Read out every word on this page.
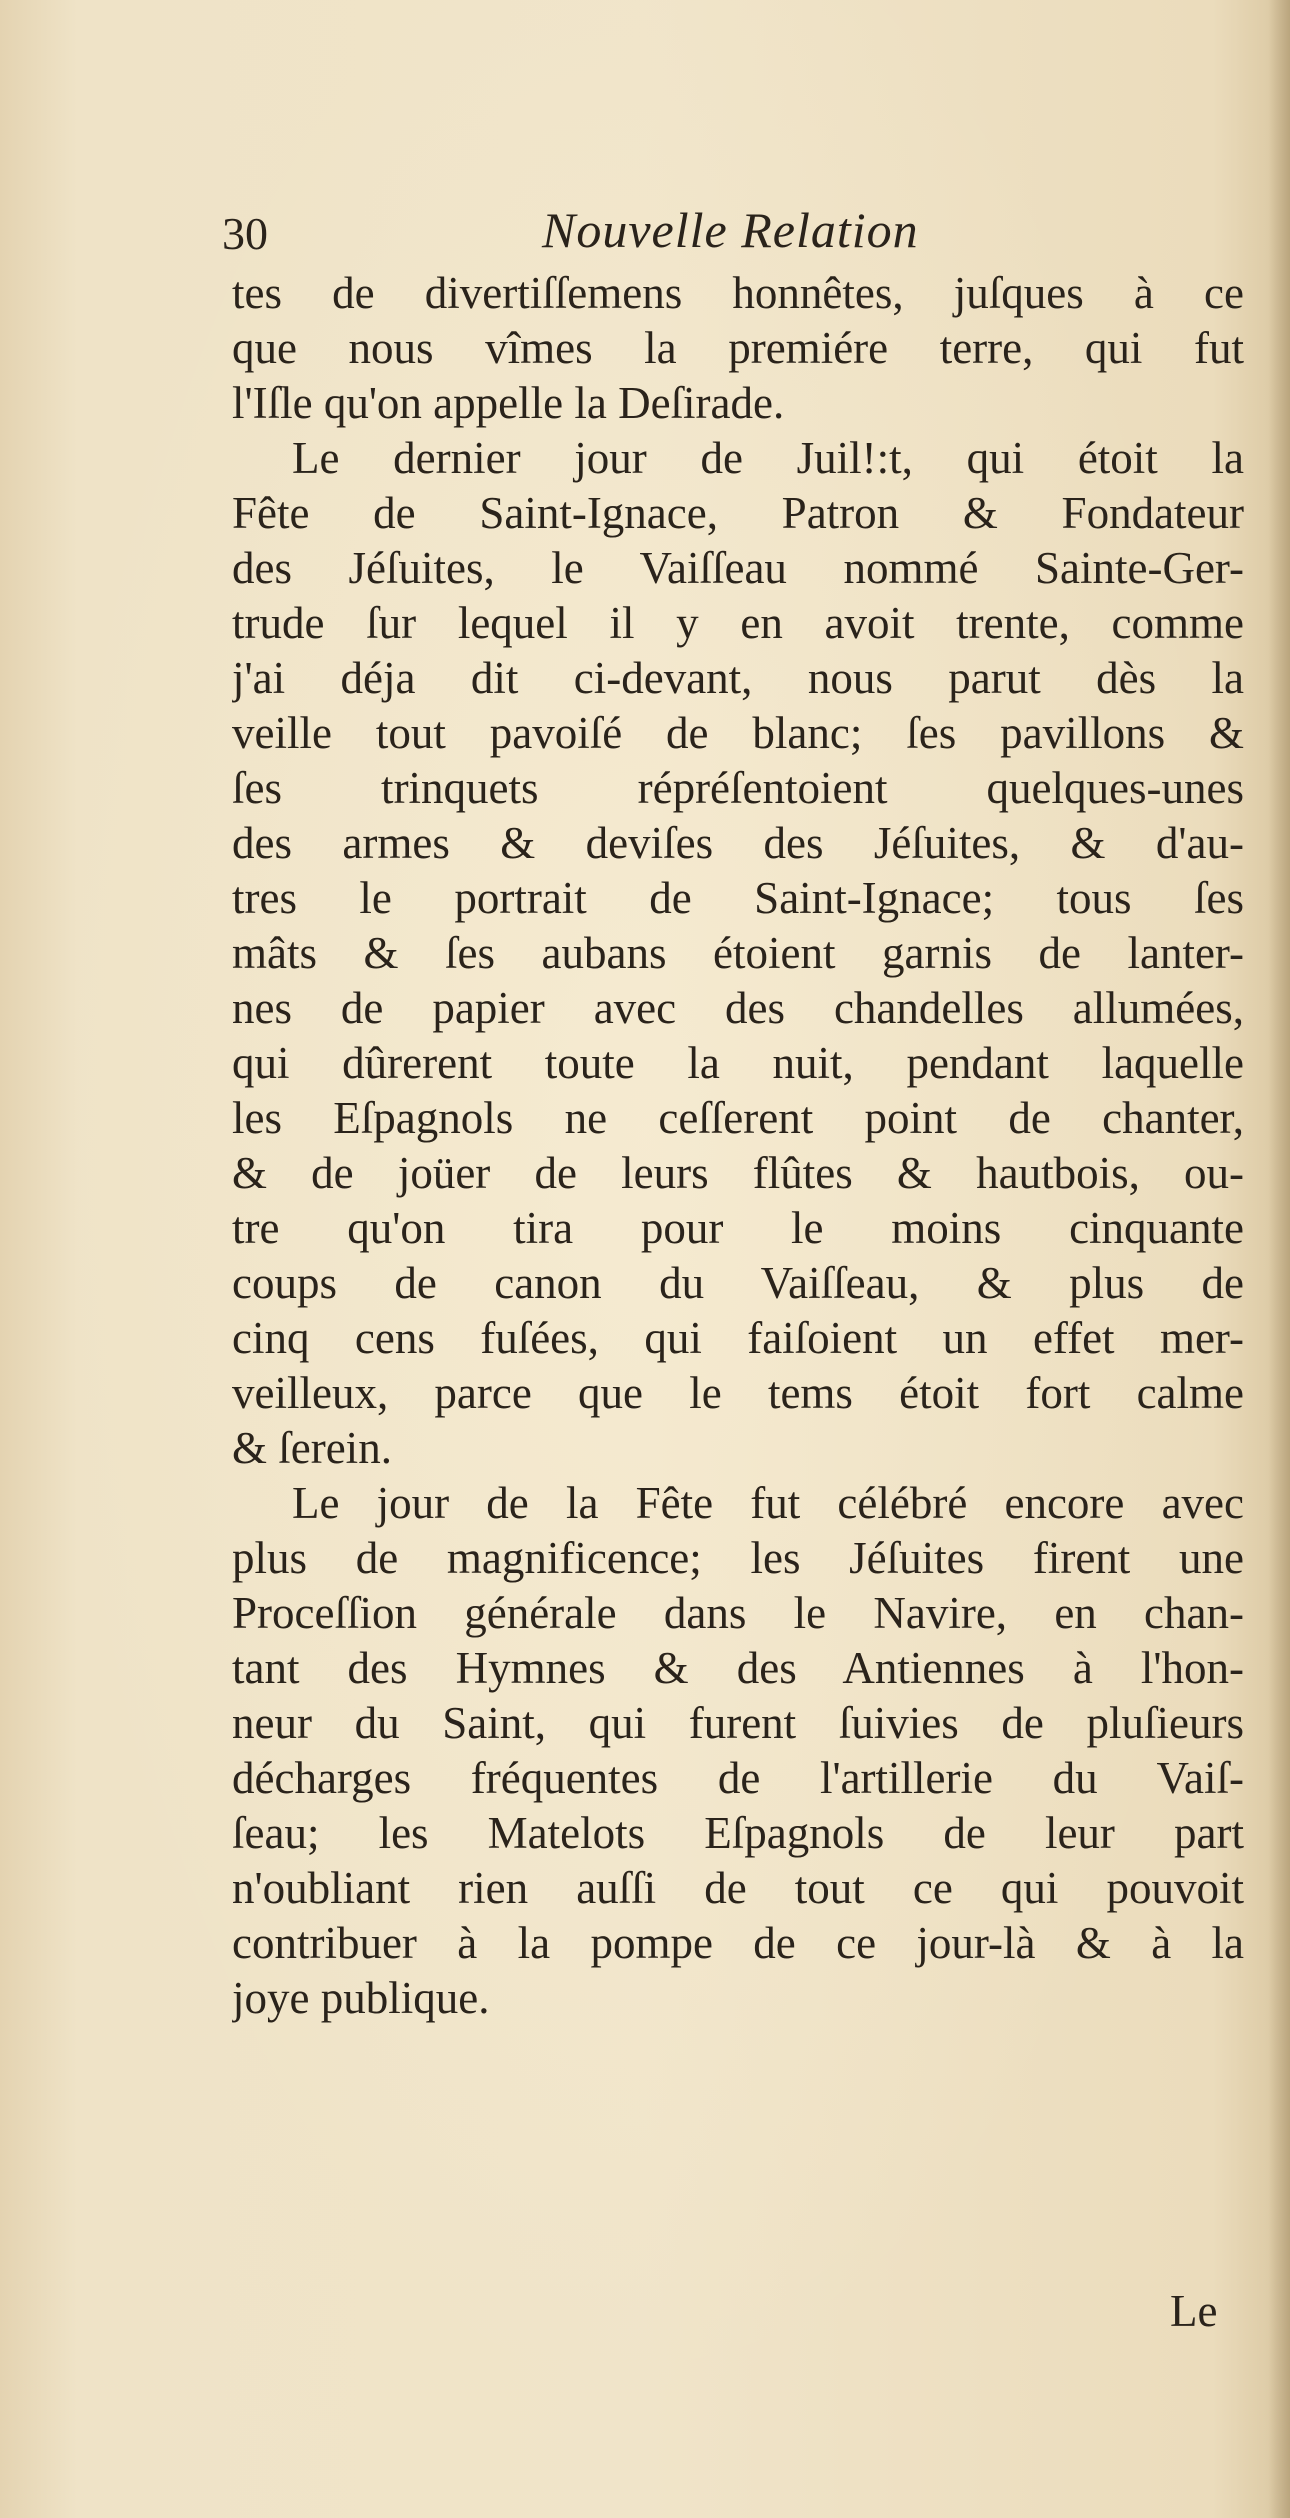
30	Nouvelle Relation
tes de divertiſſemens honnêtes, juſques à ce
que nous vîmes la premiére terre, qui fut
l'Iſle qu'on appelle la Deſirade.
Le dernier jour de Juil!:t, qui étoit la
Fête de Saint-Ignace, Patron & Fondateur
des Jéſuites, le Vaiſſeau nommé Sainte-Ger-
trude ſur lequel il y en avoit trente, comme
j'ai déja dit ci-devant, nous parut dès la
veille tout pavoiſé de blanc; ſes pavillons &
ſes trinquets répréſentoient quelques-unes
des armes & deviſes des Jéſuites, & d'au-
tres le portrait de Saint-Ignace; tous ſes
mâts & ſes aubans étoient garnis de lanter-
nes de papier avec des chandelles allumées,
qui dûrerent toute la nuit, pendant laquelle
les Eſpagnols ne ceſſerent point de chanter,
& de joüer de leurs flûtes & hautbois, ou-
tre qu'on tira pour le moins cinquante
coups de canon du Vaiſſeau, & plus de
cinq cens fuſées, qui faiſoient un effet mer-
veilleux, parce que le tems étoit fort calme
& ſerein.
Le jour de la Fête fut célébré encore avec
plus de magnificence; les Jéſuites firent une
Proceſſion générale dans le Navire, en chan-
tant des Hymnes & des Antiennes à l'hon-
neur du Saint, qui furent ſuivies de pluſieurs
décharges fréquentes de l'artillerie du Vaiſ-
ſeau; les Matelots Eſpagnols de leur part
n'oubliant rien auſſi de tout ce qui pouvoit
contribuer à la pompe de ce jour-là & à la
joye publique.
Le
